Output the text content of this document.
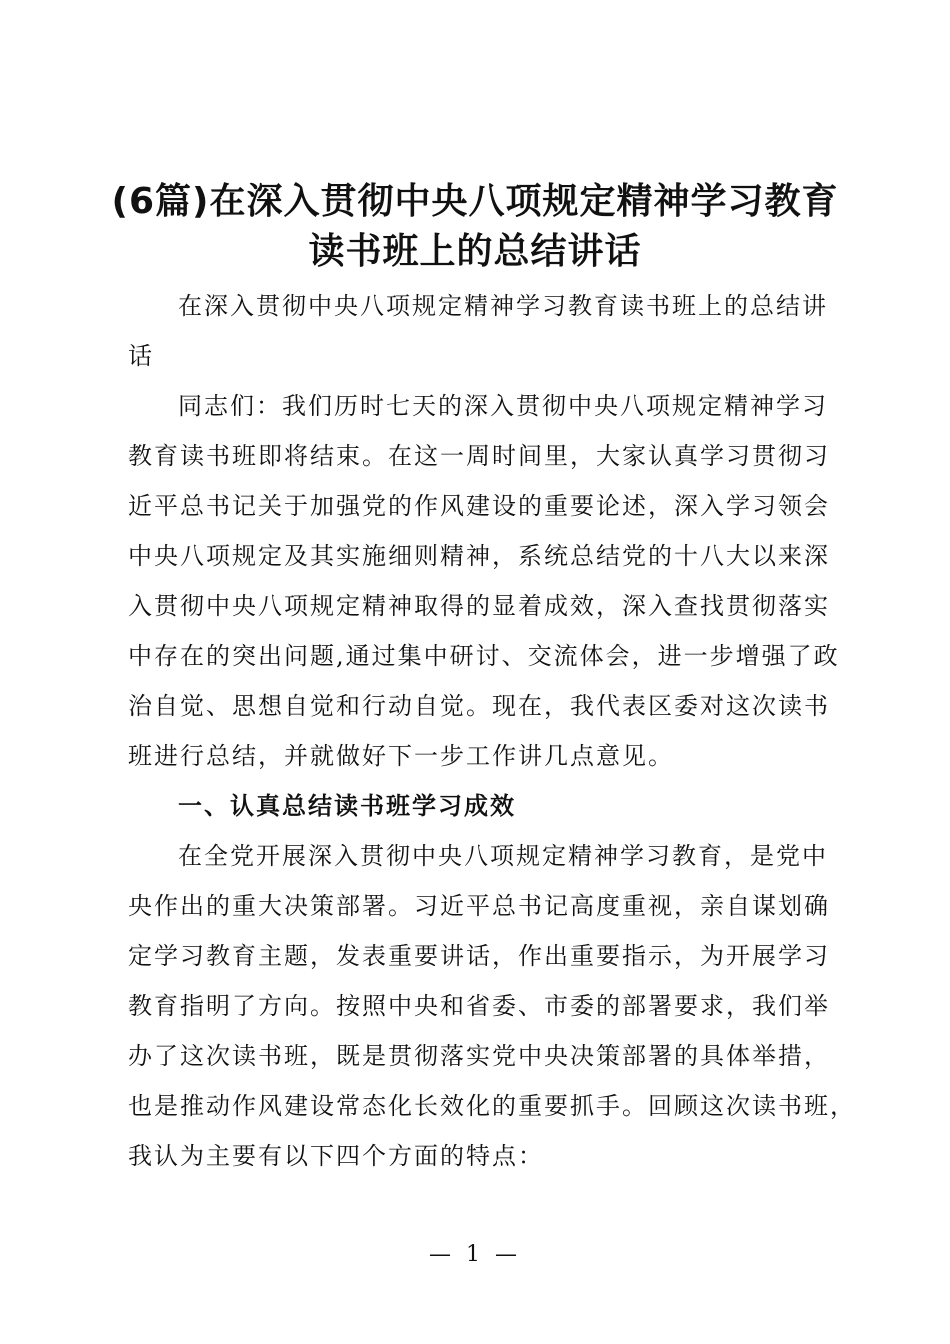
(6篇)在深入贯彻中央八项规定精神学习教育
读书班上的总结讲话

在深入贯彻中央八项规定精神学习教育读书班上的总结讲

话

同志们：我们历时七天的深入贯彻中央八项规定精神学习

教育读书班即将结束。在这一周时间里，大家认真学习贯彻习

近平总书记关于加强党的作风建设的重要论述，深入学习领会

中央八项规定及其实施细则精神，系统总结党的十八大以来深

入贯彻中央八项规定精神取得的显着成效，深入查找贯彻落实

中存在的突出问题,通过集中研讨、交流体会，进一步增强了政

治自觉、思想自觉和行动自觉。现在，我代表区委对这次读书

班进行总结，并就做好下一步工作讲几点意见。

一、认真总结读书班学习成效

在全党开展深入贯彻中央八项规定精神学习教育，是党中

央作出的重大决策部署。习近平总书记高度重视，亲自谋划确

定学习教育主题，发表重要讲话，作出重要指示，为开展学习

教育指明了方向。按照中央和省委、市委的部署要求，我们举

办了这次读书班，既是贯彻落实党中央决策部署的具体举措，

也是推动作风建设常态化长效化的重要抓手。回顾这次读书班，

我认为主要有以下四个方面的特点：

— 1 —
